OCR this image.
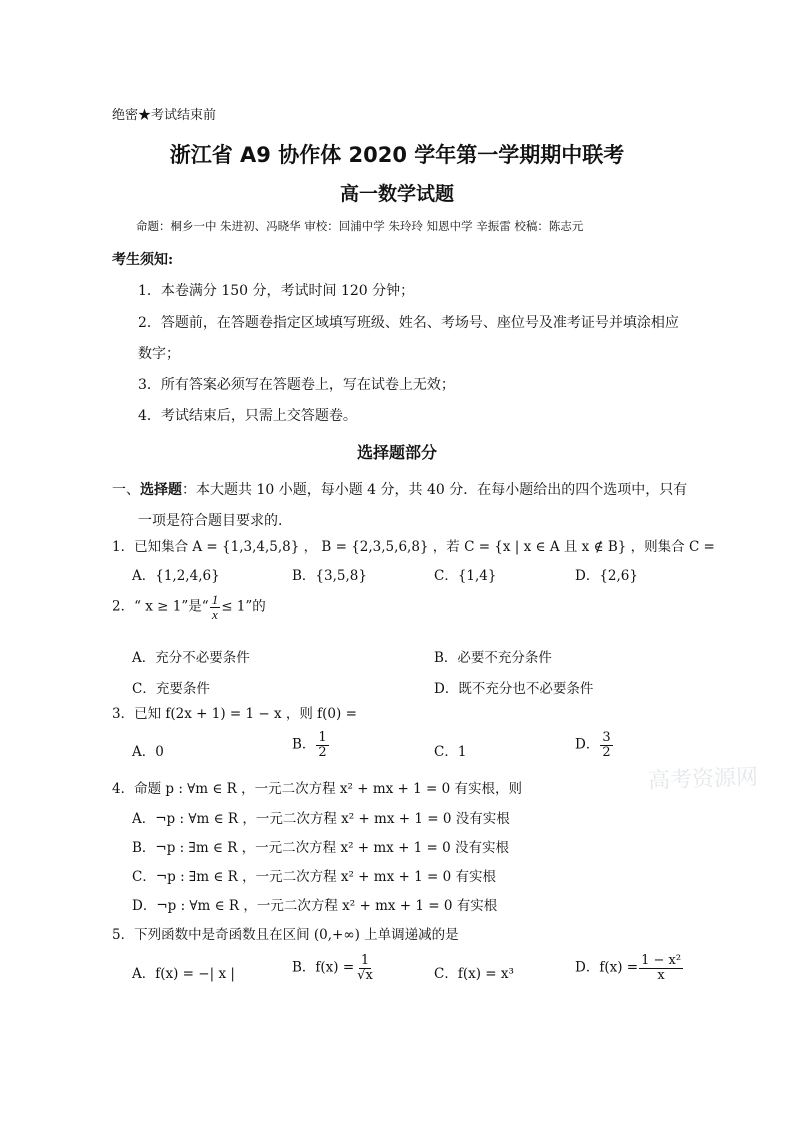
绝密★考试结束前
浙江省 A9 协作体 2020 学年第一学期期中联考
高一数学试题
命题：桐乡一中 朱进初、冯晓华 审校：回浦中学 朱玲玲 知恩中学 辛振雷 校稿：陈志元
考生须知:
1．本卷满分 150 分，考试时间 120 分钟；
2．答题前，在答题卷指定区域填写班级、姓名、考场号、座位号及准考证号并填涂相应
数字；
3．所有答案必须写在答题卷上，写在试卷上无效；
4．考试结束后，只需上交答题卷。
选择题部分
一、选择题：本大题共 10 小题，每小题 4 分，共 40 分．在每小题给出的四个选项中，只有
一项是符合题目要求的.
1．已知集合 A = {1,3,4,5,8} ， B = {2,3,5,6,8} ，若 C = {x | x ∈ A 且 x ∉ B} ，则集合 C =
A．{1,2,4,6}	B．{3,5,8}	C．{1,4}	D．{2,6}
2．“ x ≥ 1”是“ $\frac{1}{x} \le 1$”的
A．充分不必要条件	B．必要不充分条件
C．充要条件	D．既不充分也不必要条件
3．已知 f(2x + 1) = 1 − x ，则 f(0) =
A．0	B． $\frac{1}{2}$	C．1	D． $\frac{3}{2}$
高考资源网
4．命题 p : ∀m ∈ R ，一元二次方程 x² + mx + 1 = 0 有实根，则
A．¬p : ∀m ∈ R ，一元二次方程 x² + mx + 1 = 0 没有实根
B．¬p : ∃m ∈ R ，一元二次方程 x² + mx + 1 = 0 没有实根
C．¬p : ∃m ∈ R ，一元二次方程 x² + mx + 1 = 0 有实根
D．¬p : ∀m ∈ R ，一元二次方程 x² + mx + 1 = 0 有实根
5．下列函数中是奇函数且在区间 (0,+∞) 上单调递减的是
A．f(x) = −| x |	B．$f(x) = \frac{1}{√x}$	C．f(x) = x³	D．$f(x) = \frac{\text{1 − x²}}{x}$
